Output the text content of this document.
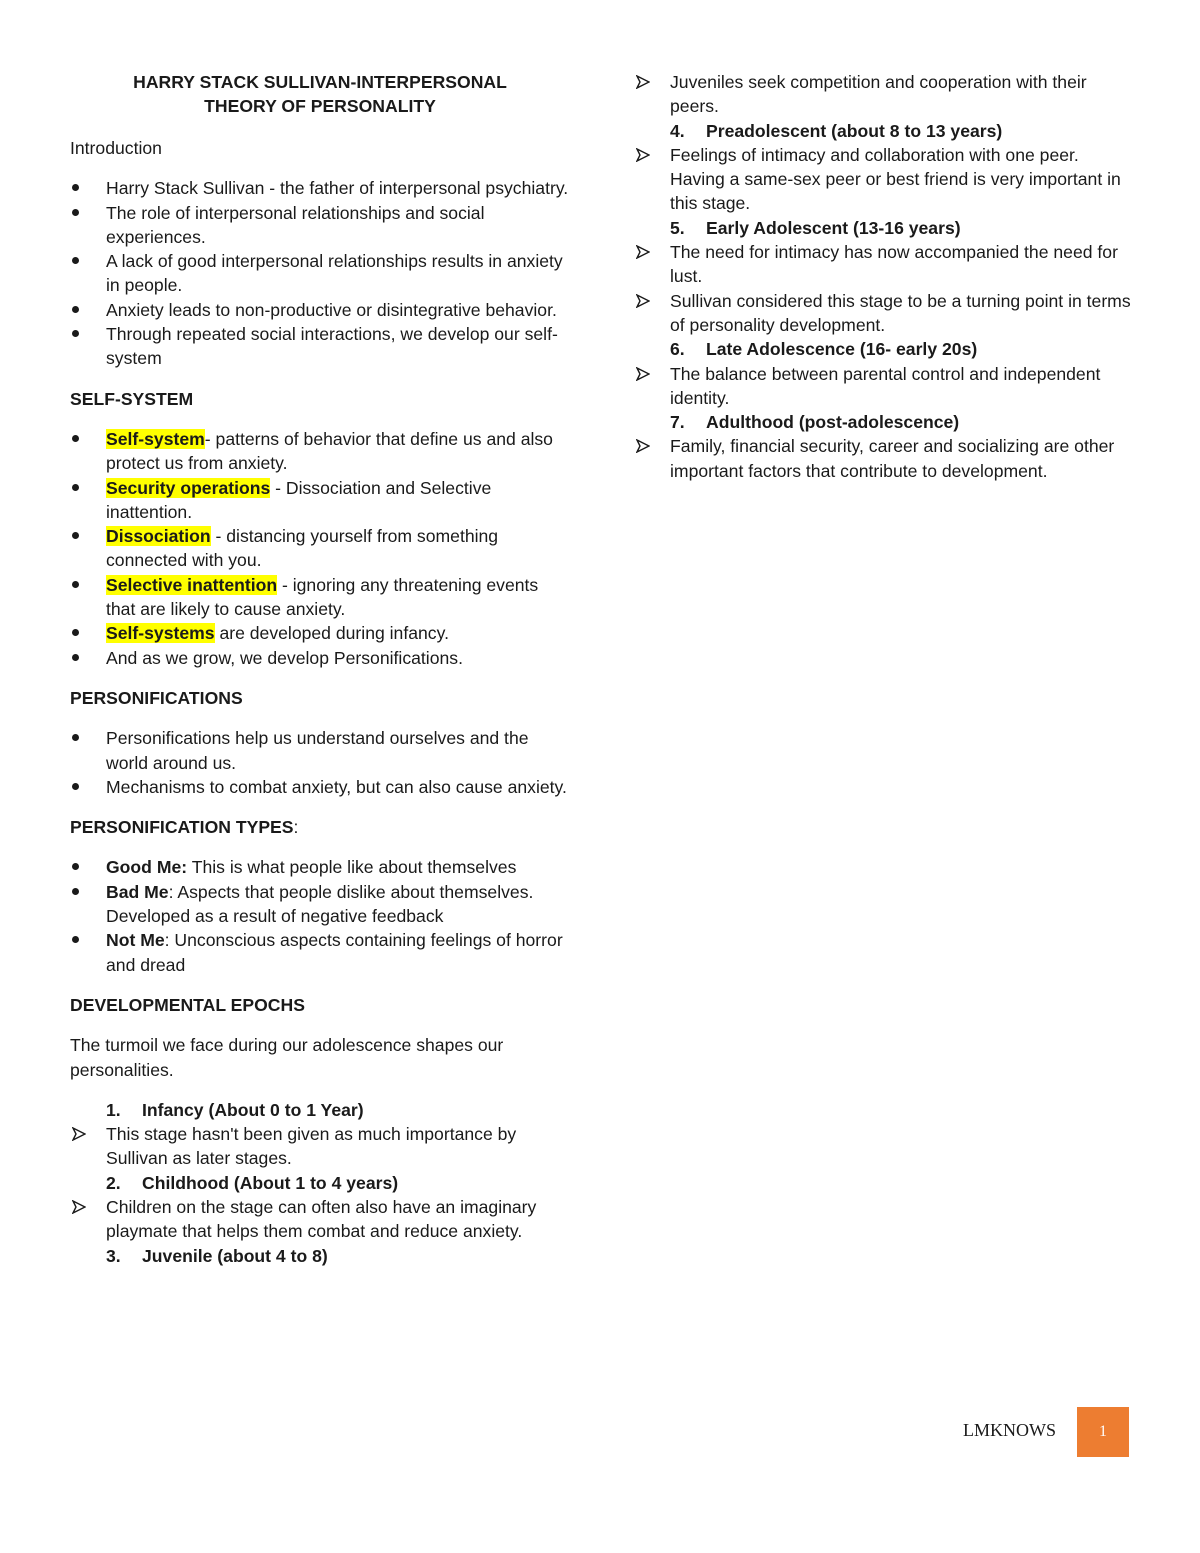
HARRY STACK SULLIVAN-INTERPERSONAL
THEORY OF PERSONALITY

Introduction

Harry Stack Sullivan - the father of interpersonal psychiatry.
The role of interpersonal relationships and social experiences.
A lack of good interpersonal relationships results in anxiety in people.
Anxiety leads to non-productive or disintegrative behavior.
Through repeated social interactions, we develop our self-system

SELF-SYSTEM

Self-system- patterns of behavior that define us and also protect us from anxiety.
Security operations - Dissociation and Selective inattention.
Dissociation - distancing yourself from something connected with you.
Selective inattention - ignoring any threatening events that are likely to cause anxiety.
Self-systems are developed during infancy.
And as we grow, we develop Personifications.

PERSONIFICATIONS

Personifications help us understand ourselves and the world around us.
Mechanisms to combat anxiety, but can also cause anxiety.

PERSONIFICATION TYPES:

Good Me: This is what people like about themselves
Bad Me: Aspects that people dislike about themselves. Developed as a result of negative feedback
Not Me: Unconscious aspects containing feelings of horror and dread

DEVELOPMENTAL EPOCHS

The turmoil we face during our adolescence shapes our personalities.

1. Infancy (About 0 to 1 Year)
This stage hasn't been given as much importance by Sullivan as later stages.
2. Childhood (About 1 to 4 years)
Children on the stage can often also have an imaginary playmate that helps them combat and reduce anxiety.
3. Juvenile (about 4 to 8)
Juveniles seek competition and cooperation with their peers.
4. Preadolescent (about 8 to 13 years)
Feelings of intimacy and collaboration with one peer. Having a same-sex peer or best friend is very important in this stage.
5. Early Adolescent (13-16 years)
The need for intimacy has now accompanied the need for lust.
Sullivan considered this stage to be a turning point in terms of personality development.
6. Late Adolescence (16- early 20s)
The balance between parental control and independent identity.
7. Adulthood (post-adolescence)
Family, financial security, career and socializing are other important factors that contribute to development.
LMKNOWS	1
